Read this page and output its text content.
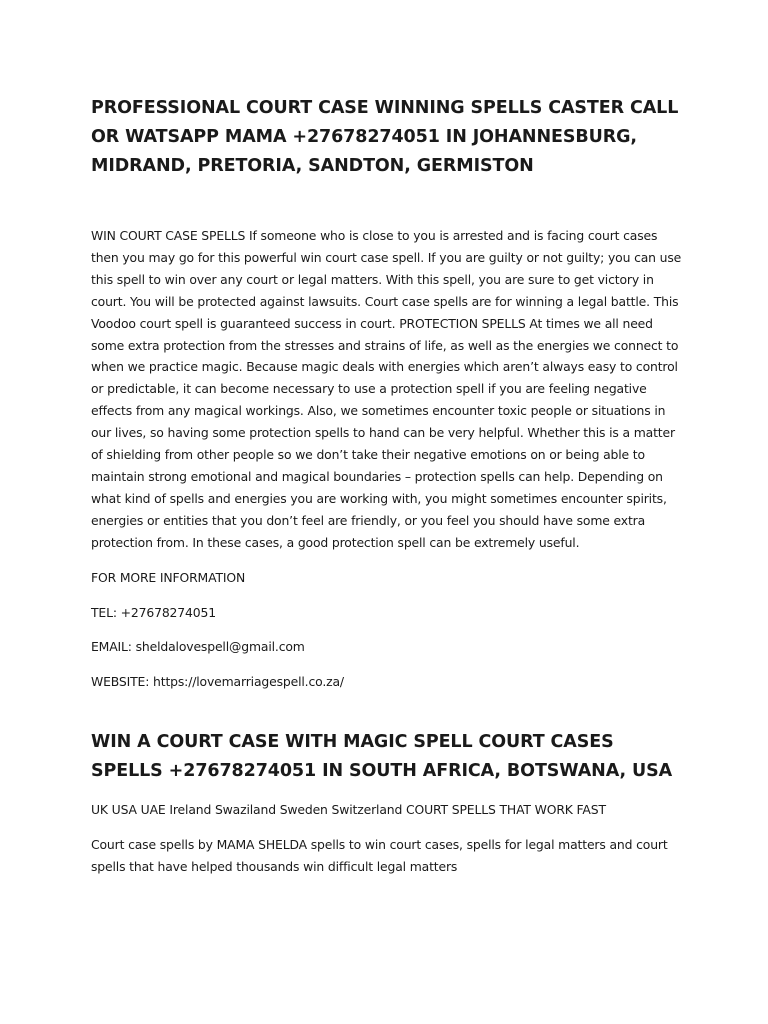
PROFESSIONAL COURT CASE WINNING SPELLS CASTER CALL OR WATSAPP MAMA +27678274051 IN JOHANNESBURG, MIDRAND, PRETORIA, SANDTON, GERMISTON

WIN COURT CASE SPELLS If someone who is close to you is arrested and is facing court cases then you may go for this powerful win court case spell. If you are guilty or not guilty; you can use this spell to win over any court or legal matters. With this spell, you are sure to get victory in court. You will be protected against lawsuits. Court case spells are for winning a legal battle. This Voodoo court spell is guaranteed success in court. PROTECTION SPELLS At times we all need some extra protection from the stresses and strains of life, as well as the energies we connect to when we practice magic. Because magic deals with energies which aren’t always easy to control or predictable, it can become necessary to use a protection spell if you are feeling negative effects from any magical workings. Also, we sometimes encounter toxic people or situations in our lives, so having some protection spells to hand can be very helpful. Whether this is a matter of shielding from other people so we don’t take their negative emotions on or being able to maintain strong emotional and magical boundaries – protection spells can help. Depending on what kind of spells and energies you are working with, you might sometimes encounter spirits, energies or entities that you don’t feel are friendly, or you feel you should have some extra protection from. In these cases, a good protection spell can be extremely useful.

FOR MORE INFORMATION

TEL: +27678274051

EMAIL: sheldalovespell@gmail.com

WEBSITE: https://lovemarriagespell.co.za/

WIN A COURT CASE WITH MAGIC SPELL COURT CASES SPELLS +27678274051 IN SOUTH AFRICA, BOTSWANA, USA

UK USA UAE Ireland Swaziland Sweden Switzerland COURT SPELLS THAT WORK FAST

Court case spells by MAMA SHELDA spells to win court cases, spells for legal matters and court spells that have helped thousands win difficult legal matters
